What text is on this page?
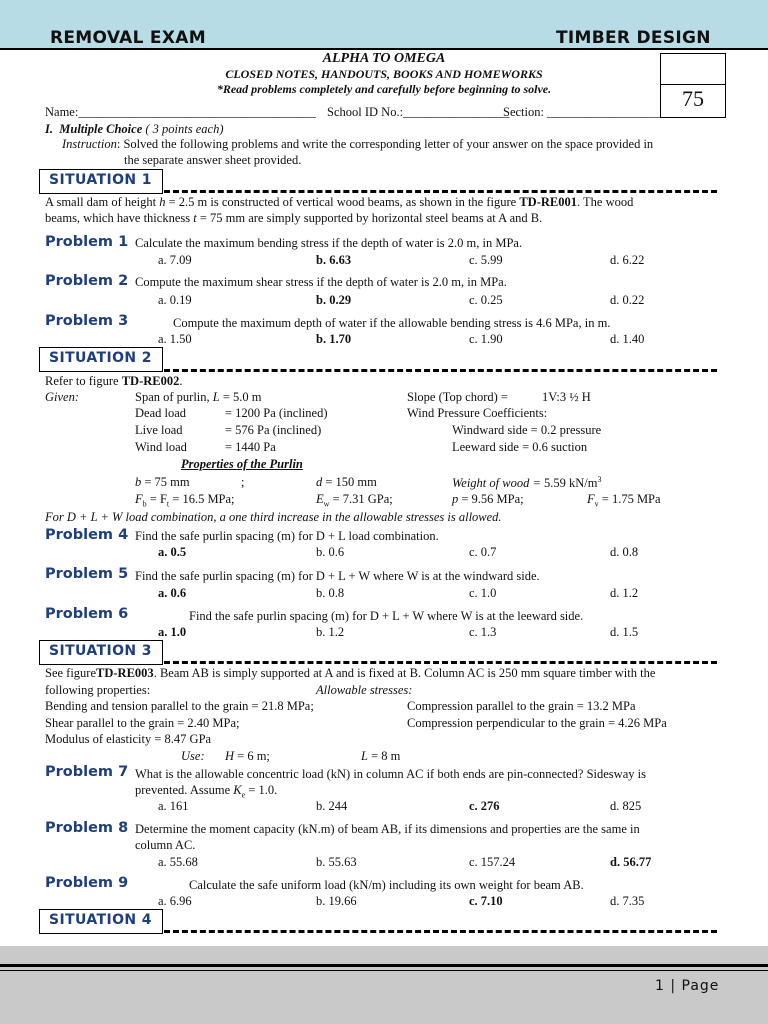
REMOVAL EXAM	TIMBER DESIGN
ALPHA TO OMEGA
CLOSED NOTES, HANDOUTS, BOOKS AND HOMEWORKS
*Read problems completely and carefully before beginning to solve.	75
Name:______________________________________ School ID No.:_________________
Section: ___________________
I. Multiple Choice ( 3 points each)
Instruction: Solved the following problems and write the corresponding letter of your answer on the space provided in
the separate answer sheet provided.
SITUATION 1
A small dam of height h = 2.5 m is constructed of vertical wood beams, as shown in the figure TD-RE001. The wood
beams, which have thickness t = 75 mm are simply supported by horizontal steel beams at A and B.
Problem 1 Calculate the maximum bending stress if the depth of water is 2.0 m, in MPa.
a. 7.09	b. 6.63	c. 5.99	d. 6.22
Problem 2 Compute the maximum shear stress if the depth of water is 2.0 m, in MPa.
a. 0.19	b. 0.29	c. 0.25	d. 0.22
Problem 3	Compute the maximum depth of water if the allowable bending stress is 4.6 MPa, in m.
a. 1.50	b. 1.70	c. 1.90	d. 1.40
SITUATION 2
Refer to figure TD-RE002.
Given:	Span of purlin, L = 5.0 m	Slope (Top chord) =	1V:3 ½ H
Dead load	= 1200 Pa (inclined)	Wind Pressure Coefficients:
Live load	= 576 Pa (inclined)	Windward side = 0.2 pressure
Wind load	= 1440 Pa	Leeward side = 0.6 suction
Properties of the Purlin
b = 75 mm	;	d = 150 mm	Weight of wood = 5.59 $kN/m^3$
$F_b = F_t = 16.5$ MPa;	$E_w = 7.31$ GPa;	p = 9.56 MPa;	$F_v = 1.75$ MPa
For D + L + W load combination, a one third increase in the allowable stresses is allowed.
Problem 4 Find the safe purlin spacing (m) for D + L load combination.
a. 0.5	b. 0.6	c. 0.7	d. 0.8
Problem 5 Find the safe purlin spacing (m) for D + L + W where W is at the windward side.
a. 0.6	b. 0.8	c. 1.0	d. 1.2
Problem 6	Find the safe purlin spacing (m) for D + L + W where W is at the leeward side.
a. 1.0	b. 1.2	c. 1.3	d. 1.5
SITUATION 3
See figureTD-RE003. Beam AB is simply supported at A and is fixed at B. Column AC is 250 mm square timber with the
following properties:	Allowable stresses:
Bending and tension parallel to the grain = 21.8 MPa;	Compression parallel to the grain = 13.2 MPa
Shear parallel to the grain = 2.40 MPa;	Compression perpendicular to the grain = 4.26 MPa
Modulus of elasticity = 8.47 GPa
Use: H = 6 m;	L = 8 m
Problem 7 What is the allowable concentric load (kN) in column AC if both ends are pin-connected? Sidesway is
prevented. Assume $K_e = 1.0$.
a. 161	b. 244	c. 276	d. 825
Problem 8 Determine the moment capacity (kN.m) of beam AB, if its dimensions and properties are the same in
column AC.
a. 55.68	b. 55.63	c. 157.24	d. 56.77
Problem 9	Calculate the safe uniform load (kN/m) including its own weight for beam AB.
a. 6.96	b. 19.66	c. 7.10	d. 7.35
SITUATION 4
1 | Page
